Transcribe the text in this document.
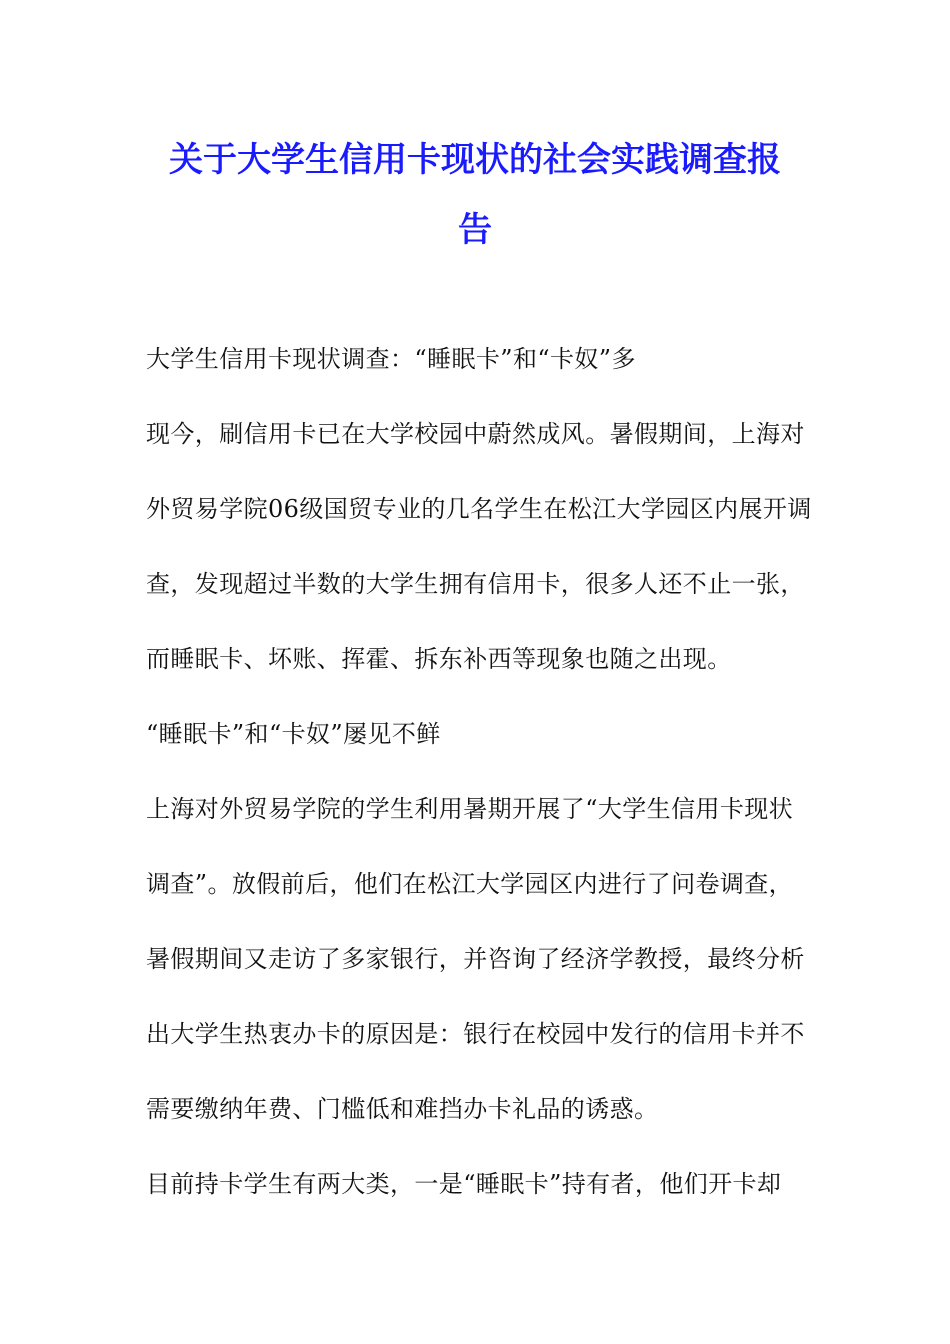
关于大学生信用卡现状的社会实践调查报
告
大学生信用卡现状调查：“睡眠卡”和“卡奴”多
现今，刷信用卡已在大学校园中蔚然成风。暑假期间，上海对
外贸易学院06级国贸专业的几名学生在松江大学园区内展开调
查，发现超过半数的大学生拥有信用卡，很多人还不止一张，
而睡眠卡、坏账、挥霍、拆东补西等现象也随之出现。
“睡眠卡”和“卡奴”屡见不鲜
上海对外贸易学院的学生利用暑期开展了“大学生信用卡现状
调查”。放假前后，他们在松江大学园区内进行了问卷调查，
暑假期间又走访了多家银行，并咨询了经济学教授，最终分析
出大学生热衷办卡的原因是：银行在校园中发行的信用卡并不
需要缴纳年费、门槛低和难挡办卡礼品的诱惑。
目前持卡学生有两大类，一是“睡眠卡”持有者，他们开卡却
